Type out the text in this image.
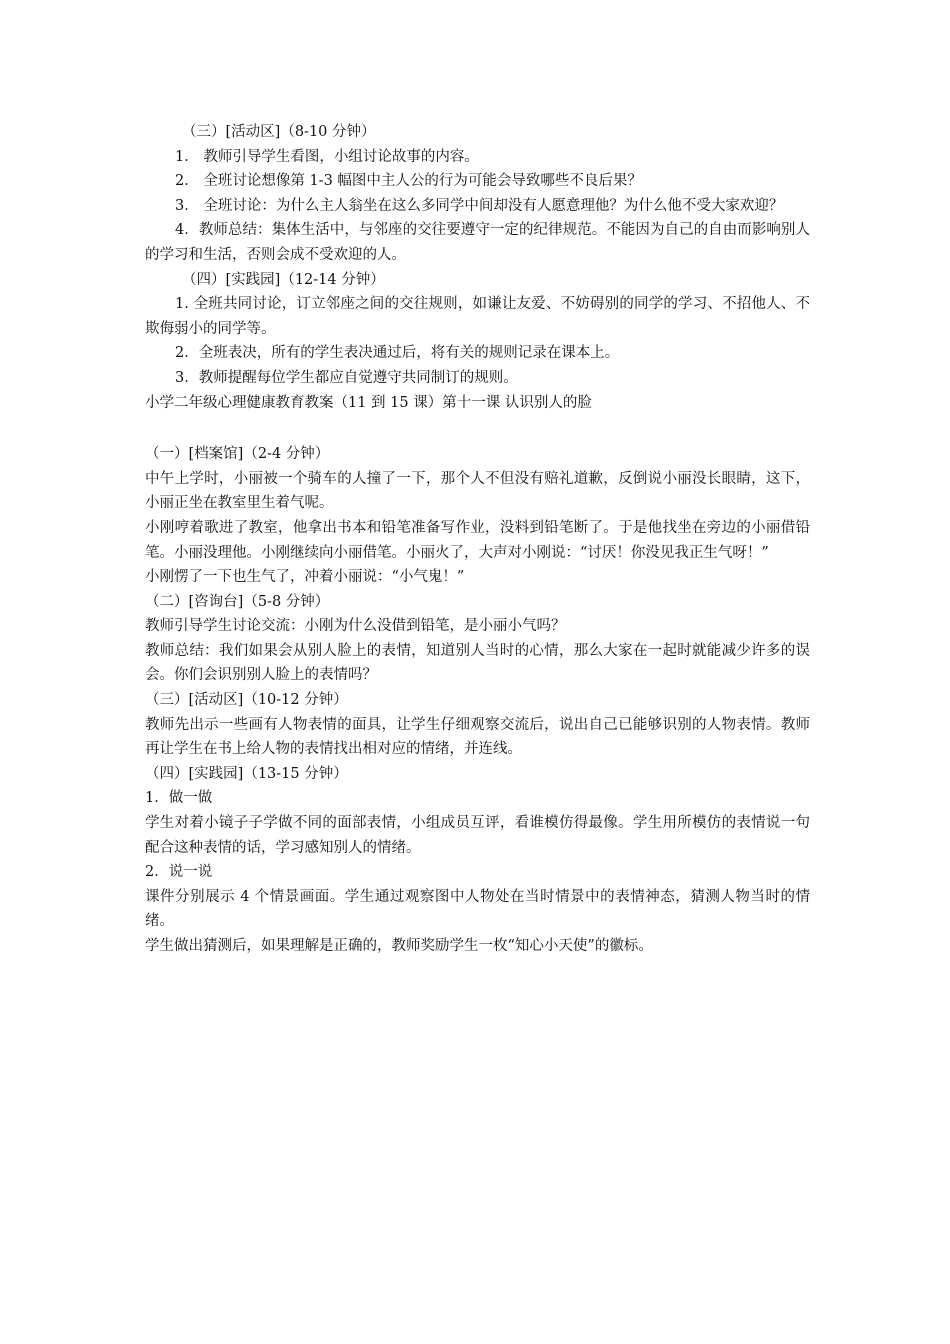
（三）[活动区]（8-10 分钟）

1． 教师引导学生看图，小组讨论故事的内容。

2． 全班讨论想像第 1-3 幅图中主人公的行为可能会导致哪些不良后果？

3． 全班讨论：为什么主人翁坐在这么多同学中间却没有人愿意理他？为什么他不受大家欢迎？

4．教师总结：集体生活中，与邻座的交往要遵守一定的纪律规范。不能因为自己的自由而影响别人的学习和生活，否则会成不受欢迎的人。

（四）[实践园]（12-14 分钟）

1. 全班共同讨论，订立邻座之间的交往规则，如谦让友爱、不妨碍别的同学的学习、不招他人、不欺侮弱小的同学等。

2．全班表决，所有的学生表决通过后，将有关的规则记录在课本上。

3．教师提醒每位学生都应自觉遵守共同制订的规则。

小学二年级心理健康教育教案（11 到 15 课）第十一课 认识别人的脸

（一）[档案馆]（2-4 分钟）

中午上学时，小丽被一个骑车的人撞了一下，那个人不但没有赔礼道歉，反倒说小丽没长眼睛，这下，小丽正坐在教室里生着气呢。

小刚哼着歌进了教室，他拿出书本和铅笔准备写作业，没料到铅笔断了。于是他找坐在旁边的小丽借铅笔。小丽没理他。小刚继续向小丽借笔。小丽火了，大声对小刚说：“讨厌！你没见我正生气呀！”

小刚愣了一下也生气了，冲着小丽说：“小气鬼！”

（二）[咨询台]（5-8 分钟）

教师引导学生讨论交流：小刚为什么没借到铅笔，是小丽小气吗？

教师总结：我们如果会从别人脸上的表情，知道别人当时的心情，那么大家在一起时就能减少许多的误会。你们会识别别人脸上的表情吗？

（三）[活动区]（10-12 分钟）

教师先出示一些画有人物表情的面具，让学生仔细观察交流后，说出自己已能够识别的人物表情。教师再让学生在书上给人物的表情找出相对应的情绪，并连线。

（四）[实践园]（13-15 分钟）

1．做一做

学生对着小镜子子学做不同的面部表情，小组成员互评，看谁模仿得最像。学生用所模仿的表情说一句配合这种表情的话，学习感知别人的情绪。

2．说一说

课件分别展示 4 个情景画面。学生通过观察图中人物处在当时情景中的表情神态，猜测人物当时的情绪。

学生做出猜测后，如果理解是正确的，教师奖励学生一枚“知心小天使”的徽标。
